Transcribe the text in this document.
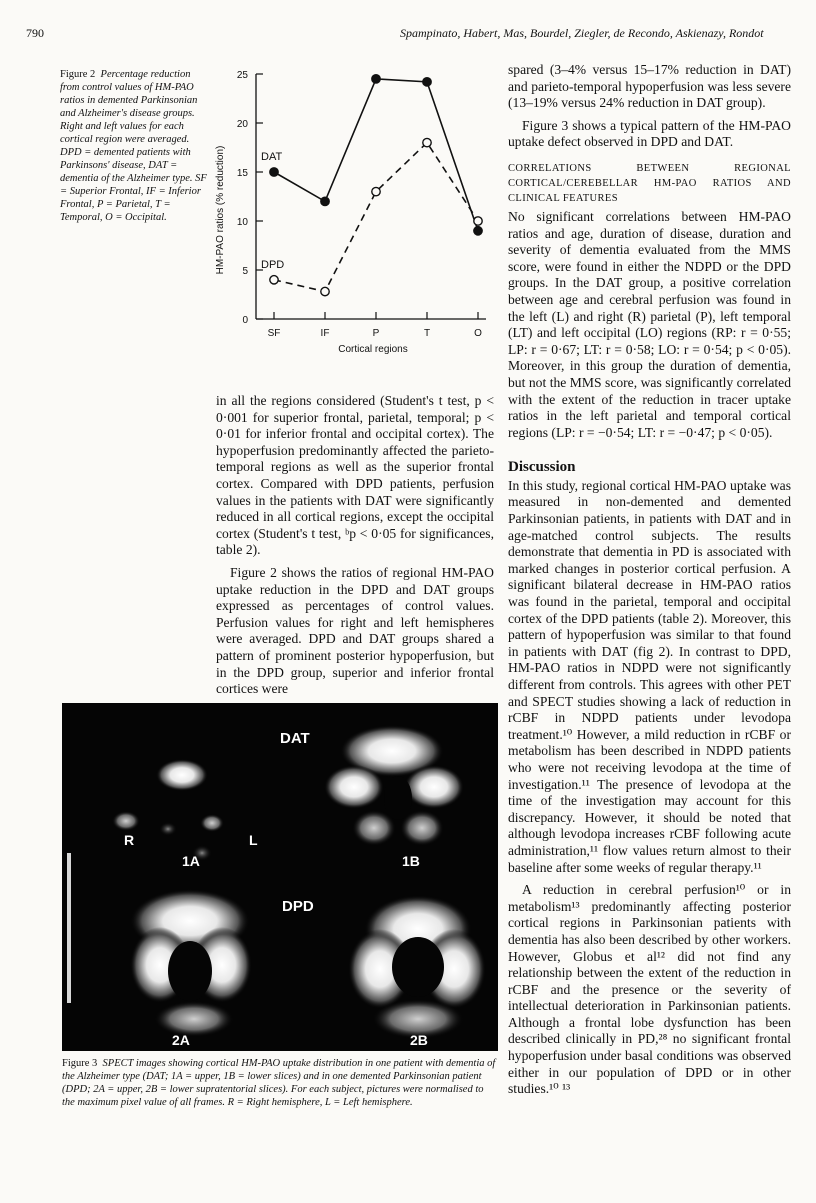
790	Spampinato, Habert, Mas, Bourdel, Ziegler, de Recondo, Askienazy, Rondot

Figure 2 Percentage reduction from control values of HM-PAO ratios in demented Parkinsonian and Alzheimer's disease groups. Right and left values for each cortical region were averaged. DPD = demented patients with Parkinsons' disease, DAT = dementia of the Alzheimer type. SF = Superior Frontal, IF = Inferior Frontal, P = Parietal, T = Temporal, O = Occipital.

0
5
10
15
20
25
SF	IF	P	T	O
DAT
DPD
HM-PAO ratios (% reduction)
Cortical regions

in all the regions considered (Student's t test, p < 0·001 for superior frontal, parietal, temporal; p < 0·01 for inferior frontal and occipital cortex). The hypoperfusion predominantly affected the parieto-temporal regions as well as the superior frontal cortex. Compared with DPD patients, perfusion values in the patients with DAT were significantly reduced in all cortical regions, except the occipital cortex (Student's t test, ᵇp < 0·05 for significances, table 2).

Figure 2 shows the ratios of regional HM-PAO uptake reduction in the DPD and DAT groups expressed as percentages of control values. Perfusion values for right and left hemispheres were averaged. DPD and DAT groups shared a pattern of prominent posterior hypoperfusion, but in the DPD group, superior and inferior frontal cortices were

spared (3–4% versus 15–17% reduction in DAT) and parieto-temporal hypoperfusion was less severe (13–19% versus 24% reduction in DAT group).

Figure 3 shows a typical pattern of the HM-PAO uptake defect observed in DPD and DAT.

CORRELATIONS BETWEEN REGIONAL CORTICAL/CEREBELLAR HM-PAO RATIOS AND CLINICAL FEATURES

No significant correlations between HM-PAO ratios and age, duration of disease, duration and severity of dementia evaluated from the MMS score, were found in either the NDPD or the DPD groups. In the DAT group, a positive correlation between age and cerebral perfusion was found in the left (L) and right (R) parietal (P), left temporal (LT) and left occipital (LO) regions (RP: r = 0·55; LP: r = 0·67; LT: r = 0·58; LO: r = 0·54; p < 0·05). Moreover, in this group the duration of dementia, but not the MMS score, was significantly correlated with the extent of the reduction in tracer uptake ratios in the left parietal and temporal cortical regions (LP: r = −0·54; LT: r = −0·47; p < 0·05).

Discussion

In this study, regional cortical HM-PAO uptake was measured in non-demented and demented Parkinsonian patients, in patients with DAT and in age-matched control subjects. The results demonstrate that dementia in PD is associated with marked changes in posterior cortical perfusion. A significant bilateral decrease in HM-PAO ratios was found in the parietal, temporal and occipital cortex of the DPD patients (table 2). Moreover, this pattern of hypoperfusion was similar to that found in patients with DAT (fig 2). In contrast to DPD, HM-PAO ratios in NDPD were not significantly different from controls. This agrees with other PET and SPECT studies showing a lack of reduction in rCBF in NDPD patients under levodopa treatment.¹⁰ However, a mild reduction in rCBF or metabolism has been described in NDPD patients who were not receiving levodopa at the time of investigation.¹¹ The presence of levodopa at the time of the investigation may account for this discrepancy. However, it should be noted that although levodopa increases rCBF following acute administration,¹¹ flow values return almost to their baseline after some weeks of regular therapy.¹¹

A reduction in cerebral perfusion¹⁰ or in metabolism¹³ predominantly affecting posterior cortical regions in Parkinsonian patients with dementia has also been described by other workers. However, Globus et al¹² did not find any relationship between the extent of the reduction in rCBF and the presence or the severity of intellectual deterioration in Parkinsonian patients. Although a frontal lobe dysfunction has been described clinically in PD,²⁸ no significant frontal hypoperfusion under basal conditions was observed either in our population of DPD or in other studies.¹⁰ ¹³

DAT
R	L
1A	1B
DPD
2A	2B

Figure 3 SPECT images showing cortical HM-PAO uptake distribution in one patient with dementia of the Alzheimer type (DAT; 1A = upper, 1B = lower slices) and in one demented Parkinsonian patient (DPD; 2A = upper, 2B = lower supratentorial slices). For each subject, pictures were normalised to the maximum pixel value of all frames. R = Right hemisphere, L = Left hemisphere.
